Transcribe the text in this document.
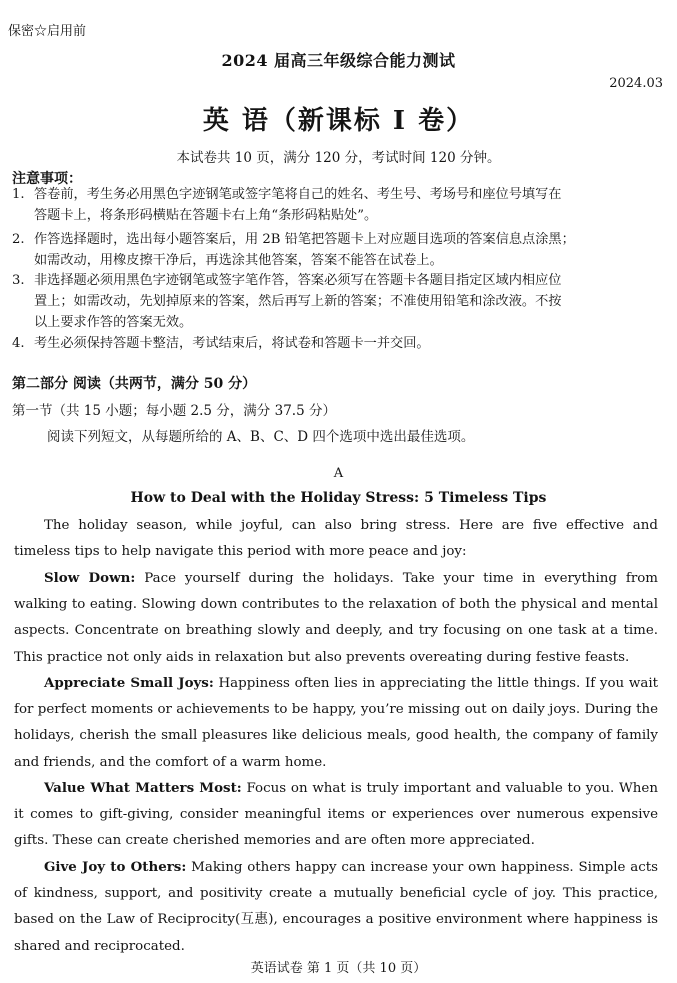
保密☆启用前
2024 届高三年级综合能力测试
2024.03
英 语（新课标 I 卷）
本试卷共 10 页，满分 120 分，考试时间 120 分钟。
注意事项：
1. 答卷前，考生务必用黑色字迹钢笔或签字笔将自己的姓名、考生号、考场号和座位号填写在
答题卡上，将条形码横贴在答题卡右上角“条形码粘贴处”。
2. 作答选择题时，选出每小题答案后，用 2B 铅笔把答题卡上对应题目选项的答案信息点涂黑；
如需改动，用橡皮擦干净后，再选涂其他答案，答案不能答在试卷上。
3. 非选择题必须用黑色字迹钢笔或签字笔作答，答案必须写在答题卡各题目指定区域内相应位
置上；如需改动，先划掉原来的答案，然后再写上新的答案；不准使用铅笔和涂改液。不按
以上要求作答的答案无效。
4. 考生必须保持答题卡整洁，考试结束后，将试卷和答题卡一并交回。
第二部分 阅读（共两节，满分 50 分）
第一节（共 15 小题；每小题 2.5 分，满分 37.5 分）
阅读下列短文，从每题所给的 A、B、C、D 四个选项中选出最佳选项。
A
How to Deal with the Holiday Stress: 5 Timeless Tips

The holiday season, while joyful, can also bring stress. Here are five effective and timeless tips to help navigate this period with more peace and joy:

Slow Down: Pace yourself during the holidays. Take your time in everything from walking to eating. Slowing down contributes to the relaxation of both the physical and mental aspects. Concentrate on breathing slowly and deeply, and try focusing on one task at a time. This practice not only aids in relaxation but also prevents overeating during festive feasts.

Appreciate Small Joys: Happiness often lies in appreciating the little things. If you wait for perfect moments or achievements to be happy, you’re missing out on daily joys. During the holidays, cherish the small pleasures like delicious meals, good health, the company of family and friends, and the comfort of a warm home.

Value What Matters Most: Focus on what is truly important and valuable to you. When it comes to gift-giving, consider meaningful items or experiences over numerous expensive gifts. These can create cherished memories and are often more appreciated.

Give Joy to Others: Making others happy can increase your own happiness. Simple acts of kindness, support, and positivity create a mutually beneficial cycle of joy. This practice, based on the Law of Reciprocity(互惠), encourages a positive environment where happiness is shared and reciprocated.

英语试卷 第 1 页（共 10 页）
